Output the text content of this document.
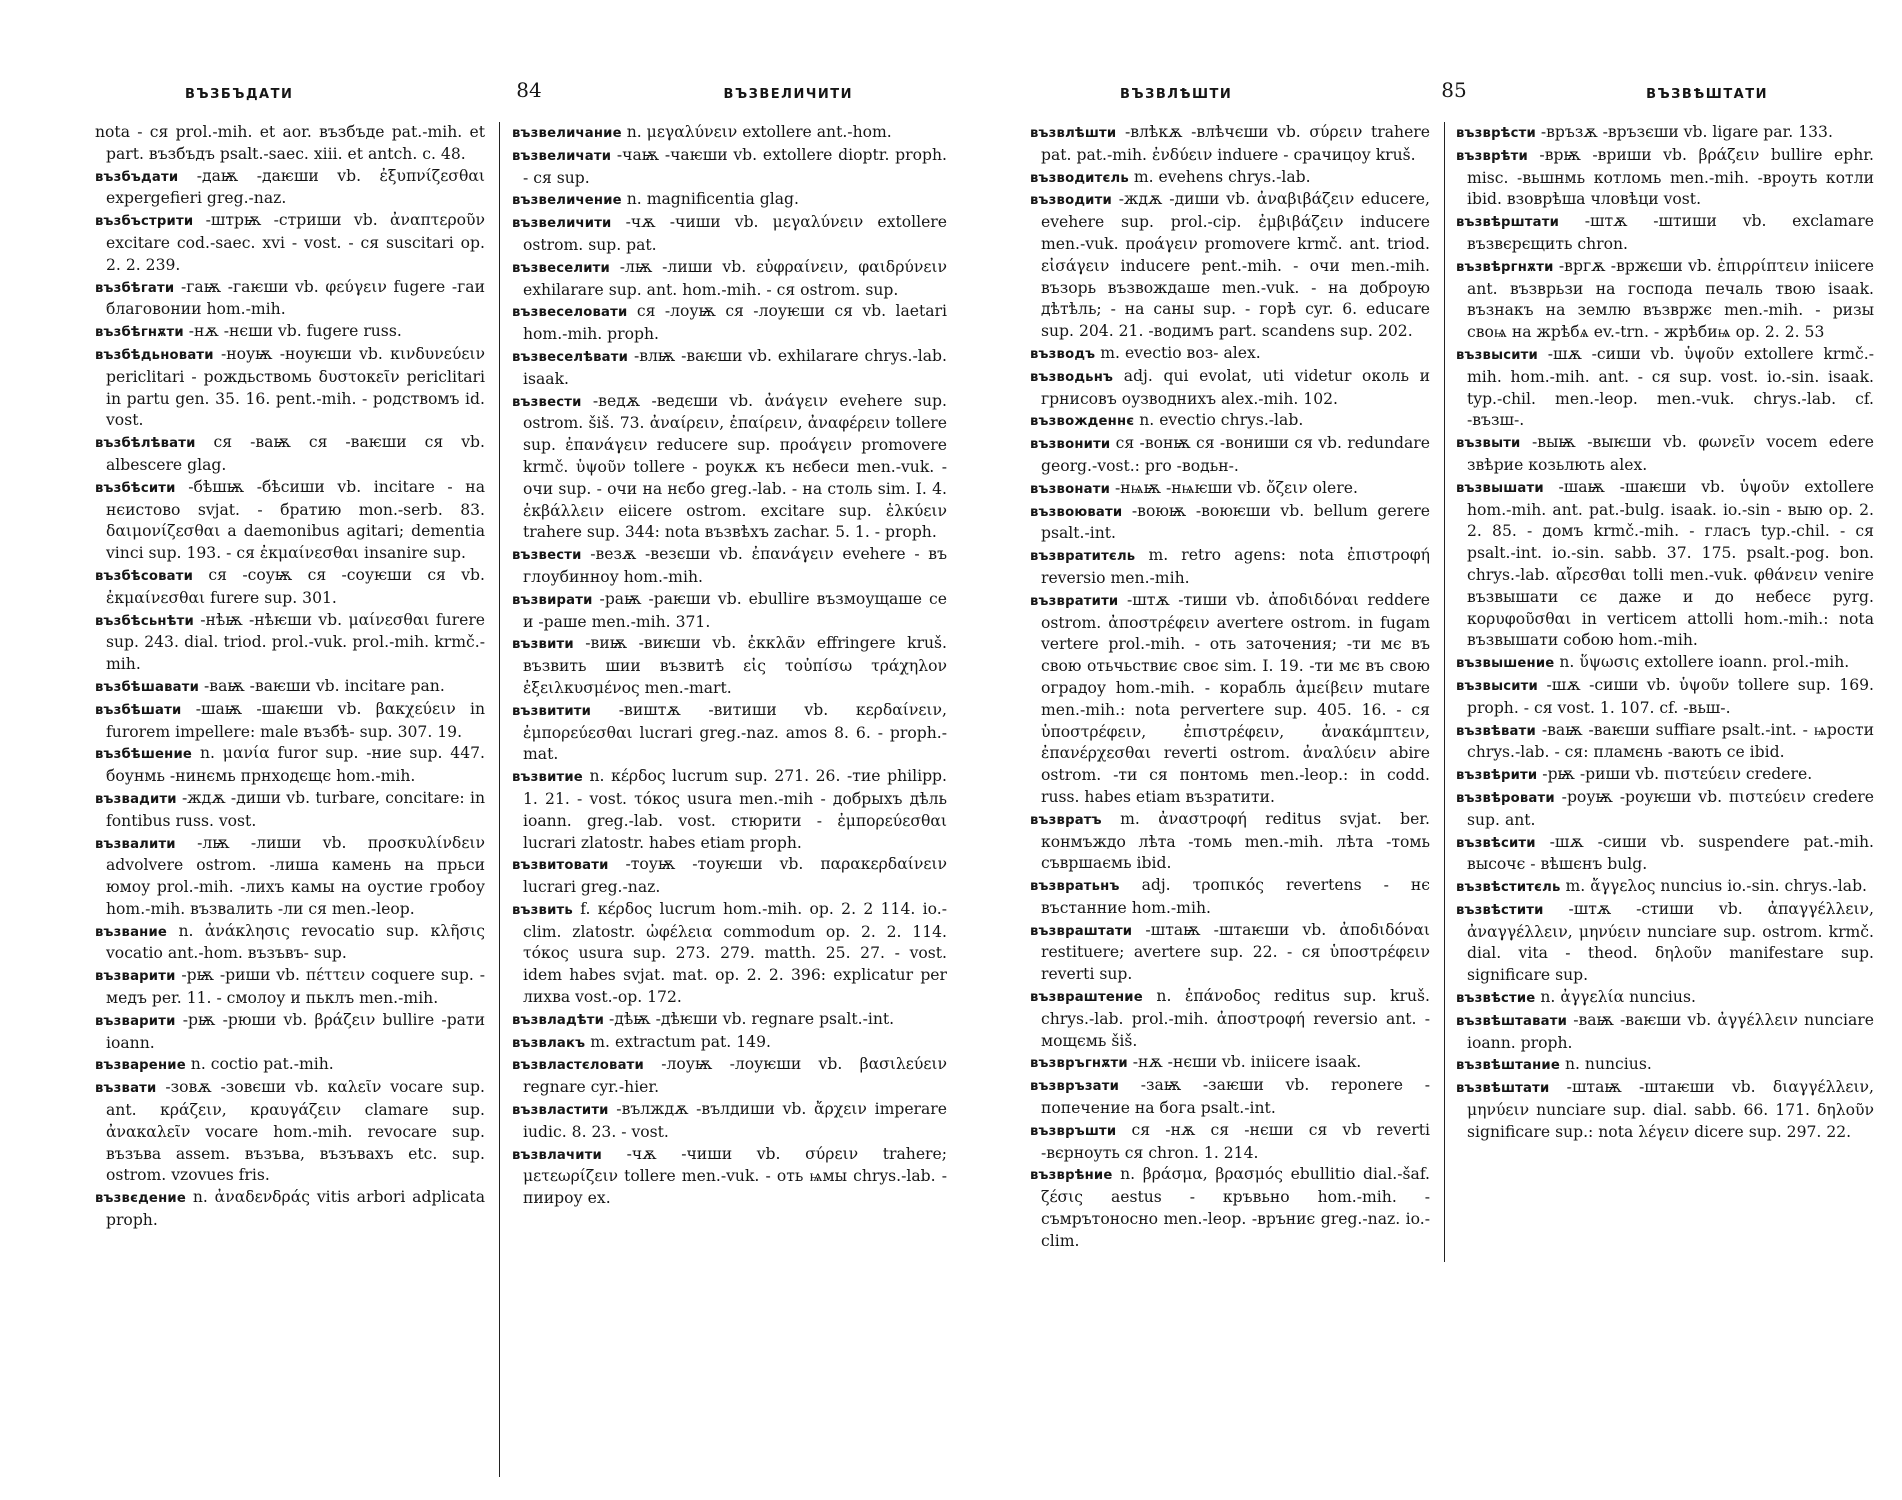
ВЪЗБЪДАТИ	84	ВЪЗВЕЛИЧИТИ

nota - ся prol.-mih. et aor. възбъде pat.-mih. et part. възбъдъ psalt.-saec. xiii. et antch. c. 48.

възбъдати -даѭ -даѥши vb. ἐξυπνίζεσθαι expergefieri greg.-naz.

възбъстрити -штрѭ -стриши vb. ἀναπτεροῦν excitare cod.-saec. xvi - vost. - ся suscitari op. 2. 2. 239.

възбѣгати -гаѭ -гаѥши vb. φεύγειν fugere -гаи благовонии hom.-mih.

възбѣгнѫти -нѫ -нєши vb. fugere russ.

възбѣдьновати -ноуѭ -ноуѥши vb. κινδυνεύειν periclitari - рождьствомь δυστοκεῖν periclitari in partu gen. 35. 16. pent.-mih. - родствомъ id. vost.

възбѣлѣвати ся -ваѭ ся -ваѥши ся vb. albescere glag.

възбѣсити -бѣшѭ -бѣсиши vb. incitare - на нєистово svjat. - братию mon.-serb. 83. δαιμονίζεσθαι a daemonibus agitari; dementia vinci sup. 193. - ся ἐκμαίνεσθαι insanire sup.

възбѣсовати ся -соуѭ ся -соуѥши ся vb. ἐκμαίνεσθαι furere sup. 301.

възбѣсьнѣти -нѣѭ -нѣѥши vb. μαίνεσθαι furere sup. 243. dial. triod. prol.-vuk. prol.-mih. krmč.-mih.

възбѣшавати -ваѭ -ваѥши vb. incitare pan.

възбѣшати -шаѭ -шаѥши vb. βακχεύειν in furorem impellere: male възбѣ- sup. 307. 19.

възбѣшение n. μανία furor sup. -ние sup. 447. боунмь -нинємь прнходєщє hom.-mih.

възвадити -ждѫ -диши vb. turbare, concitare: in fontibus russ. vost.

възвалити -лѭ -лиши vb. προσκυλίνδειν advolvere ostrom. -лиша камень на прьси юмоу prol.-mih. -лихъ камы на оустие гробоу hom.-mih. възвалить -ли ся men.-leop.

възвание n. ἀνάκλησις revocatio sup. κλῆσις vocatio ant.-hom. възъвъ- sup.

възварити -рѭ -риши vb. πέττειν coquere sup. - медъ per. 11. - смолоу и пьклъ men.-mih.

възварити -рѭ -рюши vb. βράζειν bullire -рати ioann.

възварение n. coctio pat.-mih.

възвати -зовѫ -зовєши vb. καλεῖν vocare sup. ant. κράζειν, κραυγάζειν clamare sup. ἀνακαλεῖν vocare hom.-mih. revocare sup. възъва assem. възъва, възъвахъ etc. sup. ostrom. vzovues fris.

възвєдение n. ἀναδενδράς vitis arbori adplicata proph.

възвеличание n. μεγαλύνειν extollere ant.-hom.

възвеличати -чаѭ -чаѥши vb. extollere dioptr. proph. - ся sup.

възвеличение n. magnificentia glag.

възвеличити -чѫ -чиши vb. μεγαλύνειν extollere ostrom. sup. pat.

възвеселити -лѭ -лиши vb. εὐφραίνειν, φαιδρύνειν exhilarare sup. ant. hom.-mih. - ся ostrom. sup.

възвеселовати ся -лоуѭ ся -лоуѥши ся vb. laetari hom.-mih. proph.

възвеселѣвати -влѭ -ваѥши vb. exhilarare chrys.-lab. isaak.

възвести -ведѫ -ведєши vb. ἀνάγειν evehere sup. ostrom. šiš. 73. ἀναίρειν, ἐπαίρειν, ἀναφέρειν tollere sup. ἐπανάγειν reducere sup. προάγειν promovere krmč. ὑψοῦν tollere - роукѫ къ нєбеси men.-vuk. - очи sup. - очи на нєбо greg.-lab. - на столь sim. I. 4. ἐκβάλλειν eiicere ostrom. excitare sup. ἑλκύειν trahere sup. 344: nota възвѣхъ zachar. 5. 1. - proph.

възвести -везѫ -везєши vb. ἐπανάγειν evehere - въ глоубинноу hom.-mih.

възвирати -раѭ -раѥши vb. ebullire възмоущаше се и -раше men.-mih. 371.

възвити -виѭ -виѥши vb. ἐκκλᾶν effringere kruš. възвить шии възвитѣ εἰς τοὐπίσω τράχηλον ἐξειλκυσμένος men.-mart.

възвитити -виштѫ -витиши vb. κερδαίνειν, ἐμπορεύεσθαι lucrari greg.-naz. amos 8. 6. - proph.-mat.

възвитие n. κέρδος lucrum sup. 271. 26. -тие philipp. 1. 21. - vost. τόκος usura men.-mih - добрыхъ дѣль ioann. greg.-lab. vost. стюрити - ἐμπορεύεσθαι lucrari zlatostr. habes etiam proph.

възвитовати -тоуѭ -тоуѥши vb. παρακερδαίνειν lucrari greg.-naz.

възвить f. κέρδος lucrum hom.-mih. op. 2. 2 114. io.-clim. zlatostr. ὠφέλεια commodum op. 2. 2. 114. τόκος usura sup. 273. 279. matth. 25. 27. - vost. idem habes svjat. mat. op. 2. 2. 396: explicatur per лихва vost.-op. 172.

възвладѣти -дѣѭ -дѣѥши vb. regnare psalt.-int.

възвлакъ m. extractum pat. 149.

възвластєловати -лоуѭ -лоуѥши vb. βασιλεύειν regnare cyr.-hier.

възвластити -вълждѫ -вълдиши vb. ἄρχειν imperare iudic. 8. 23. - vost.

възвлачити -чѫ -чиши vb. σύρειν trahere; μετεωρίζειν tollere men.-vuk. - оть ѩмы chrys.-lab. - пиироу ex.

ВЪЗВЛѢШТИ	85	ВЪЗВѢШТАТИ

възвлѣшти -влѣкѫ -влѣчєши vb. σύρειν trahere pat. pat.-mih. ἐνδύειν induere - срачицоу kruš.

възводитєль m. evehens chrys.-lab.

възводити -ждѫ -диши vb. ἀναβιβάζειν educere, evehere sup. prol.-cip. ἐμβιβάζειν inducere men.-vuk. προάγειν promovere krmč. ant. triod. εἰσάγειν inducere pent.-mih. - очи men.-mih. възорь възвождаше men.-vuk. - на доброую дѣтѣль; - на саны sup. - горѣ cyr. 6. educare sup. 204. 21. -водимъ part. scandens sup. 202.

възводъ m. evectio воз- alex.

възводьнъ adj. qui evolat, uti videtur околь и грнисовъ оузводнихъ alex.-mih. 102.

възвожденнє n. evectio chrys.-lab.

възвонити ся -вонѭ ся -вониши ся vb. redundare georg.-vost.: pro -водьн-.

възвонати -нѩѭ -нѩѥши vb. ὄζειν olere.

възвоювати -воюѭ -воюѥши vb. bellum gerere psalt.-int.

възвратитєль m. retro agens: nota ἐπιστροφή reversio men.-mih.

възвратити -штѫ -тиши vb. ἀποδιδόναι reddere ostrom. ἀποστρέφειν avertere ostrom. in fugam vertere prol.-mih. - оть заточения; -ти мє въ свою отьчьствиє своє sim. I. 19. -ти мє въ свою оградоу hom.-mih. - корабль ἀμείβειν mutare men.-mih.: nota pervertere sup. 405. 16. - ся ὑποστρέφειν, ἐπιστρέφειν, ἀνακάμπτειν, ἐπανέρχεσθαι reverti ostrom. ἀναλύειν abire ostrom. -ти ся понтомь men.-leop.: in codd. russ. habes etiam възратити.

възвратъ m. ἀναστροφή reditus svjat. ber. конмъждо лѣта -томь men.-mih. лѣта -томь съвршаємь ibid.

възвратьнъ adj. τροπικός revertens - нє въстанние hom.-mih.

възвраштати -штаѭ -штаѥши vb. ἀποδιδόναι restituere; avertere sup. 22. - ся ὑποστρέφειν reverti sup.

възвраштение n. ἐπάνοδος reditus sup. kruš. chrys.-lab. prol.-mih. ἀποστροφή reversio ant. - мощємь šiš.

възвръгнѫти -нѫ -нєши vb. iniicere isaak.

възвръзати -заѭ -заѥши vb. reponere - попечение на бога psalt.-int.

възвръшти ся -нѫ ся -нєши ся vb reverti -вєрноуть ся chron. 1. 214.

възврѣние n. βράσμα, βρασμός ebullitio dial.-šaf. ζέσις aestus - кръвьно hom.-mih. - съмрътоносно men.-leop. -връниє greg.-naz. io.-clim.

възврѣсти -връзѫ -връзєши vb. ligare par. 133.

възврѣти -врѭ -вриши vb. βράζειν bullire ephr. misc. -вьшнмь котломь men.-mih. -вроуть котли ibid. взоврѣша чловѣци vost.

възвѣрштати -штѫ -штиши vb. exclamare възвєрєщить chron.

възвѣргнѫти -вргѫ -вржєши vb. ἐπιρρίπτειν iniicere ant. възврьзи на господа печаль твою isaak. възнакъ на землю възвржє men.-mih. - ризы своѩ на жрѣбѧ ev.-trn. - жрѣбиѩ op. 2. 2. 53

възвысити -шѫ -сиши vb. ὑψοῦν extollere krmč.-mih. hom.-mih. ant. - ся sup. vost. io.-sin. isaak. typ.-chil. men.-leop. men.-vuk. chrys.-lab. cf. -възш-.

възвыти -выѭ -выѥши vb. φωνεῖν vocem edere звѣрие козьлють alex.

възвышати -шаѭ -шаѥши vb. ὑψοῦν extollere hom.-mih. ant. pat.-bulg. isaak. io.-sin - выю op. 2. 2. 85. - домъ krmč.-mih. - гласъ typ.-chil. - ся psalt.-int. io.-sin. sabb. 37. 175. psalt.-pog. bon. chrys.-lab. αἴρεσθαι tolli men.-vuk. φθάνειν venire възвышати сє даже и до небесє pyrg. κορυφοῦσθαι in verticem attolli hom.-mih.: nota възвышати собою hom.-mih.

възвышение n. ὕψωσις extollere ioann. prol.-mih.

възвысити -шѫ -сиши vb. ὑψοῦν tollere sup. 169. proph. - ся vost. 1. 107. cf. -вьш-.

възвѣвати -ваѭ -ваѥши suffiare psalt.-int. - ѩрости chrys.-lab. - ся: пламєнь -вають се ibid.

възвѣрити -рѭ -риши vb. πιστεύειν credere.

възвѣровати -роуѭ -роуѥши vb. πιστεύειν credere sup. ant.

възвѣсити -шѫ -сиши vb. suspendere pat.-mih. высочє - вѣшєнъ bulg.

възвѣститєль m. ἄγγελος nuncius io.-sin. chrys.-lab.

възвѣстити -штѫ -стиши vb. ἀπαγγέλλειν, ἀναγγέλλειν, μηνύειν nunciare sup. ostrom. krmč. dial. vita - theod. δηλοῦν manifestare sup. significare sup.

възвѣстие n. ἀγγελία nuncius.

възвѣштавати -ваѭ -ваѥши vb. ἀγγέλλειν nunciare ioann. proph.

възвѣштание n. nuncius.

възвѣштати -штаѭ -штаѥши vb. διαγγέλλειν, μηνύειν nunciare sup. dial. sabb. 66. 171. δηλοῦν significare sup.: nota λέγειν dicere sup. 297. 22.
